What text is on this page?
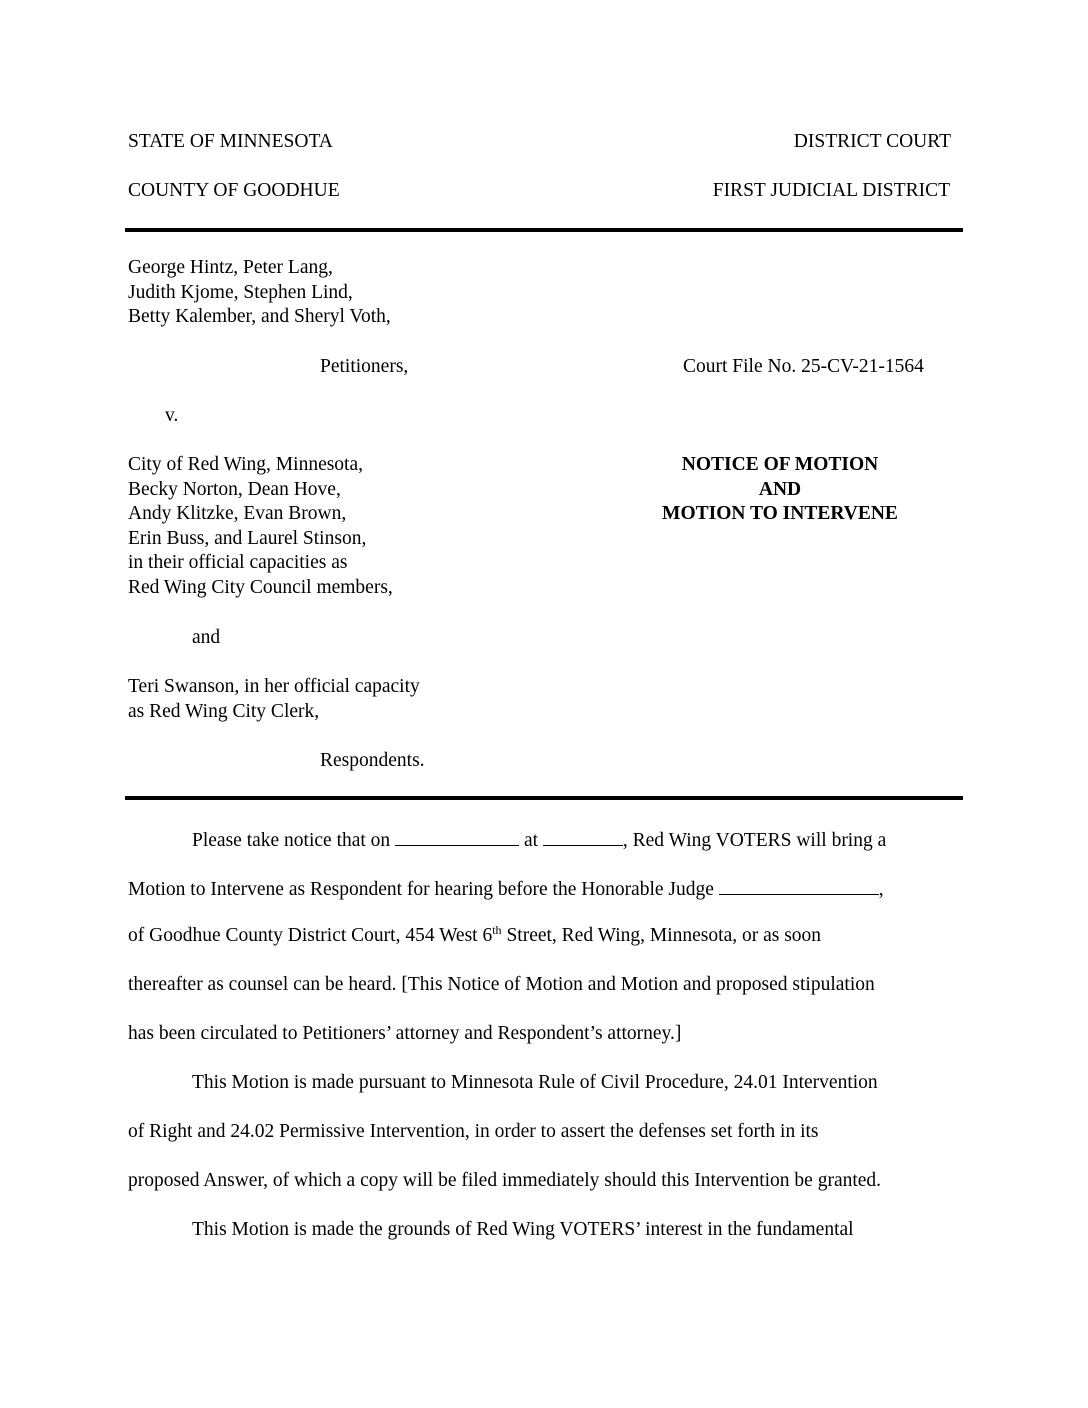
STATE OF MINNESOTA	DISTRICT COURT
COUNTY OF GOODHUE	FIRST JUDICIAL DISTRICT
George Hintz, Peter Lang,
Judith Kjome, Stephen Lind,
Betty Kalember, and Sheryl Voth,
Petitioners,	Court File No. 25-CV-21-1564
v.
City of Red Wing, Minnesota,
Becky Norton, Dean Hove,
Andy Klitzke, Evan Brown,
Erin Buss, and Laurel Stinson,
in their official capacities as
Red Wing City Council members,
NOTICE OF MOTION
AND
MOTION TO INTERVENE
and
Teri Swanson, in her official capacity
as Red Wing City Clerk,
Respondents.
Please take notice that on	at	, Red Wing VOTERS will bring a
Motion to Intervene as Respondent for hearing before the Honorable Judge	,
of Goodhue County District Court, 454 West 6th Street, Red Wing, Minnesota, or as soon
thereafter as counsel can be heard. [This Notice of Motion and Motion and proposed stipulation
has been circulated to Petitioners’ attorney and Respondent’s attorney.]
This Motion is made pursuant to Minnesota Rule of Civil Procedure, 24.01 Intervention
of Right and 24.02 Permissive Intervention, in order to assert the defenses set forth in its
proposed Answer, of which a copy will be filed immediately should this Intervention be granted.
This Motion is made the grounds of Red Wing VOTERS’ interest in the fundamental
